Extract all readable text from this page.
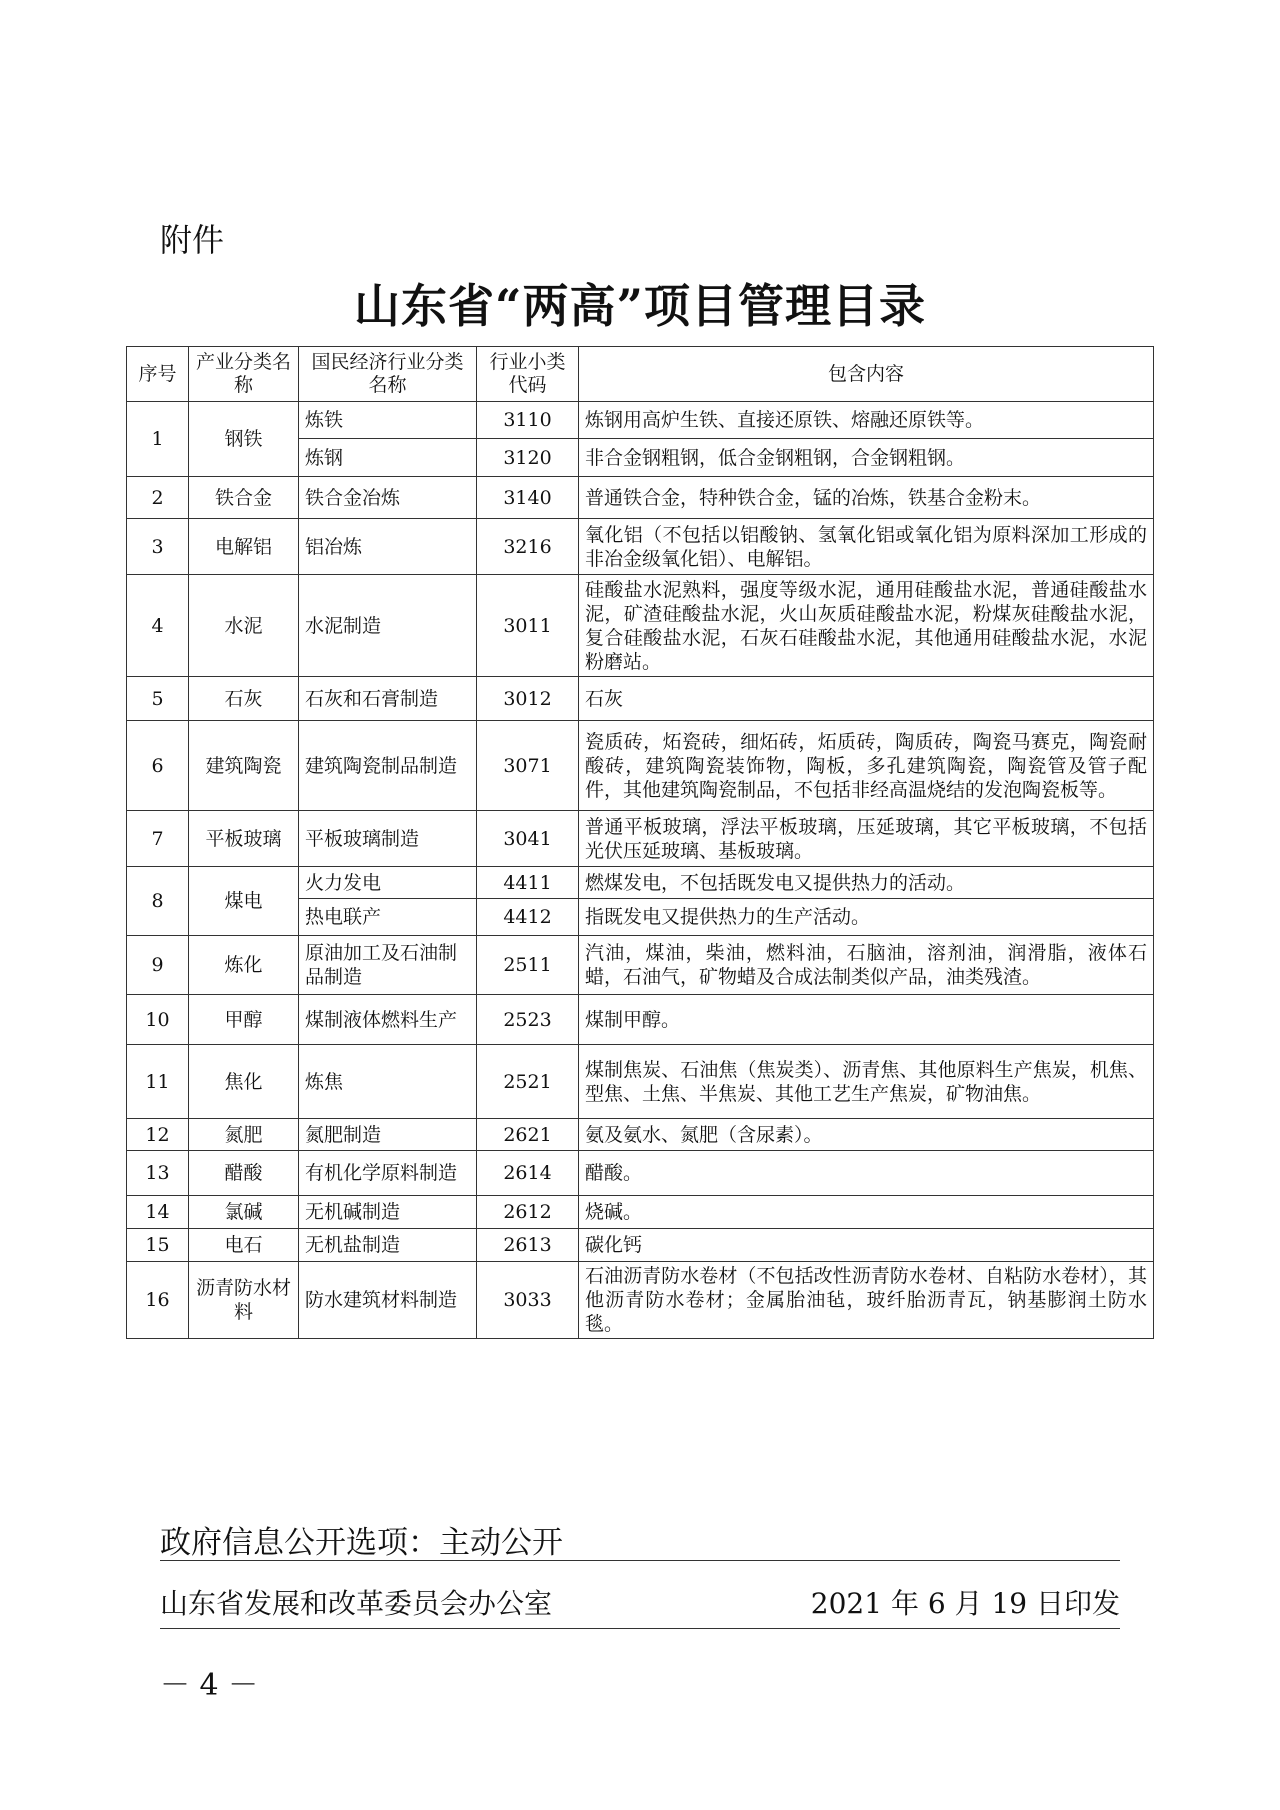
附件
山东省“两高”项目管理目录
序号	产业分类名称	国民经济行业分类名称	行业小类代码	包含内容
1	钢铁	炼铁	3110	炼钢用高炉生铁、直接还原铁、熔融还原铁等。
		炼钢	3120	非合金钢粗钢，低合金钢粗钢，合金钢粗钢。
2	铁合金	铁合金冶炼	3140	普通铁合金，特种铁合金，锰的冶炼，铁基合金粉末。
3	电解铝	铝冶炼	3216	氧化铝（不包括以铝酸钠、氢氧化铝或氧化铝为原料深加工形成的非冶金级氧化铝）、电解铝。
4	水泥	水泥制造	3011	硅酸盐水泥熟料，强度等级水泥，通用硅酸盐水泥，普通硅酸盐水泥，矿渣硅酸盐水泥，火山灰质硅酸盐水泥，粉煤灰硅酸盐水泥，复合硅酸盐水泥，石灰石硅酸盐水泥，其他通用硅酸盐水泥，水泥粉磨站。
5	石灰	石灰和石膏制造	3012	石灰
6	建筑陶瓷	建筑陶瓷制品制造	3071	瓷质砖，炻瓷砖，细炻砖，炻质砖，陶质砖，陶瓷马赛克，陶瓷耐酸砖，建筑陶瓷装饰物，陶板，多孔建筑陶瓷，陶瓷管及管子配件，其他建筑陶瓷制品，不包括非经高温烧结的发泡陶瓷板等。
7	平板玻璃	平板玻璃制造	3041	普通平板玻璃，浮法平板玻璃，压延玻璃，其它平板玻璃，不包括光伏压延玻璃、基板玻璃。
8	煤电	火力发电	4411	燃煤发电，不包括既发电又提供热力的活动。
		热电联产	4412	指既发电又提供热力的生产活动。
9	炼化	原油加工及石油制品制造	2511	汽油，煤油，柴油，燃料油，石脑油，溶剂油，润滑脂，液体石蜡，石油气，矿物蜡及合成法制类似产品，油类残渣。
10	甲醇	煤制液体燃料生产	2523	煤制甲醇。
11	焦化	炼焦	2521	煤制焦炭、石油焦（焦炭类）、沥青焦、其他原料生产焦炭，机焦、型焦、土焦、半焦炭、其他工艺生产焦炭，矿物油焦。
12	氮肥	氮肥制造	2621	氨及氨水、氮肥（含尿素）。
13	醋酸	有机化学原料制造	2614	醋酸。
14	氯碱	无机碱制造	2612	烧碱。
15	电石	无机盐制造	2613	碳化钙
16	沥青防水材料	防水建筑材料制造	3033	石油沥青防水卷材（不包括改性沥青防水卷材、自粘防水卷材），其他沥青防水卷材；金属胎油毡，玻纤胎沥青瓦，钠基膨润土防水毯。
政府信息公开选项：主动公开
山东省发展和改革委员会办公室	2021 年 6 月 19 日印发
－ 4 －
